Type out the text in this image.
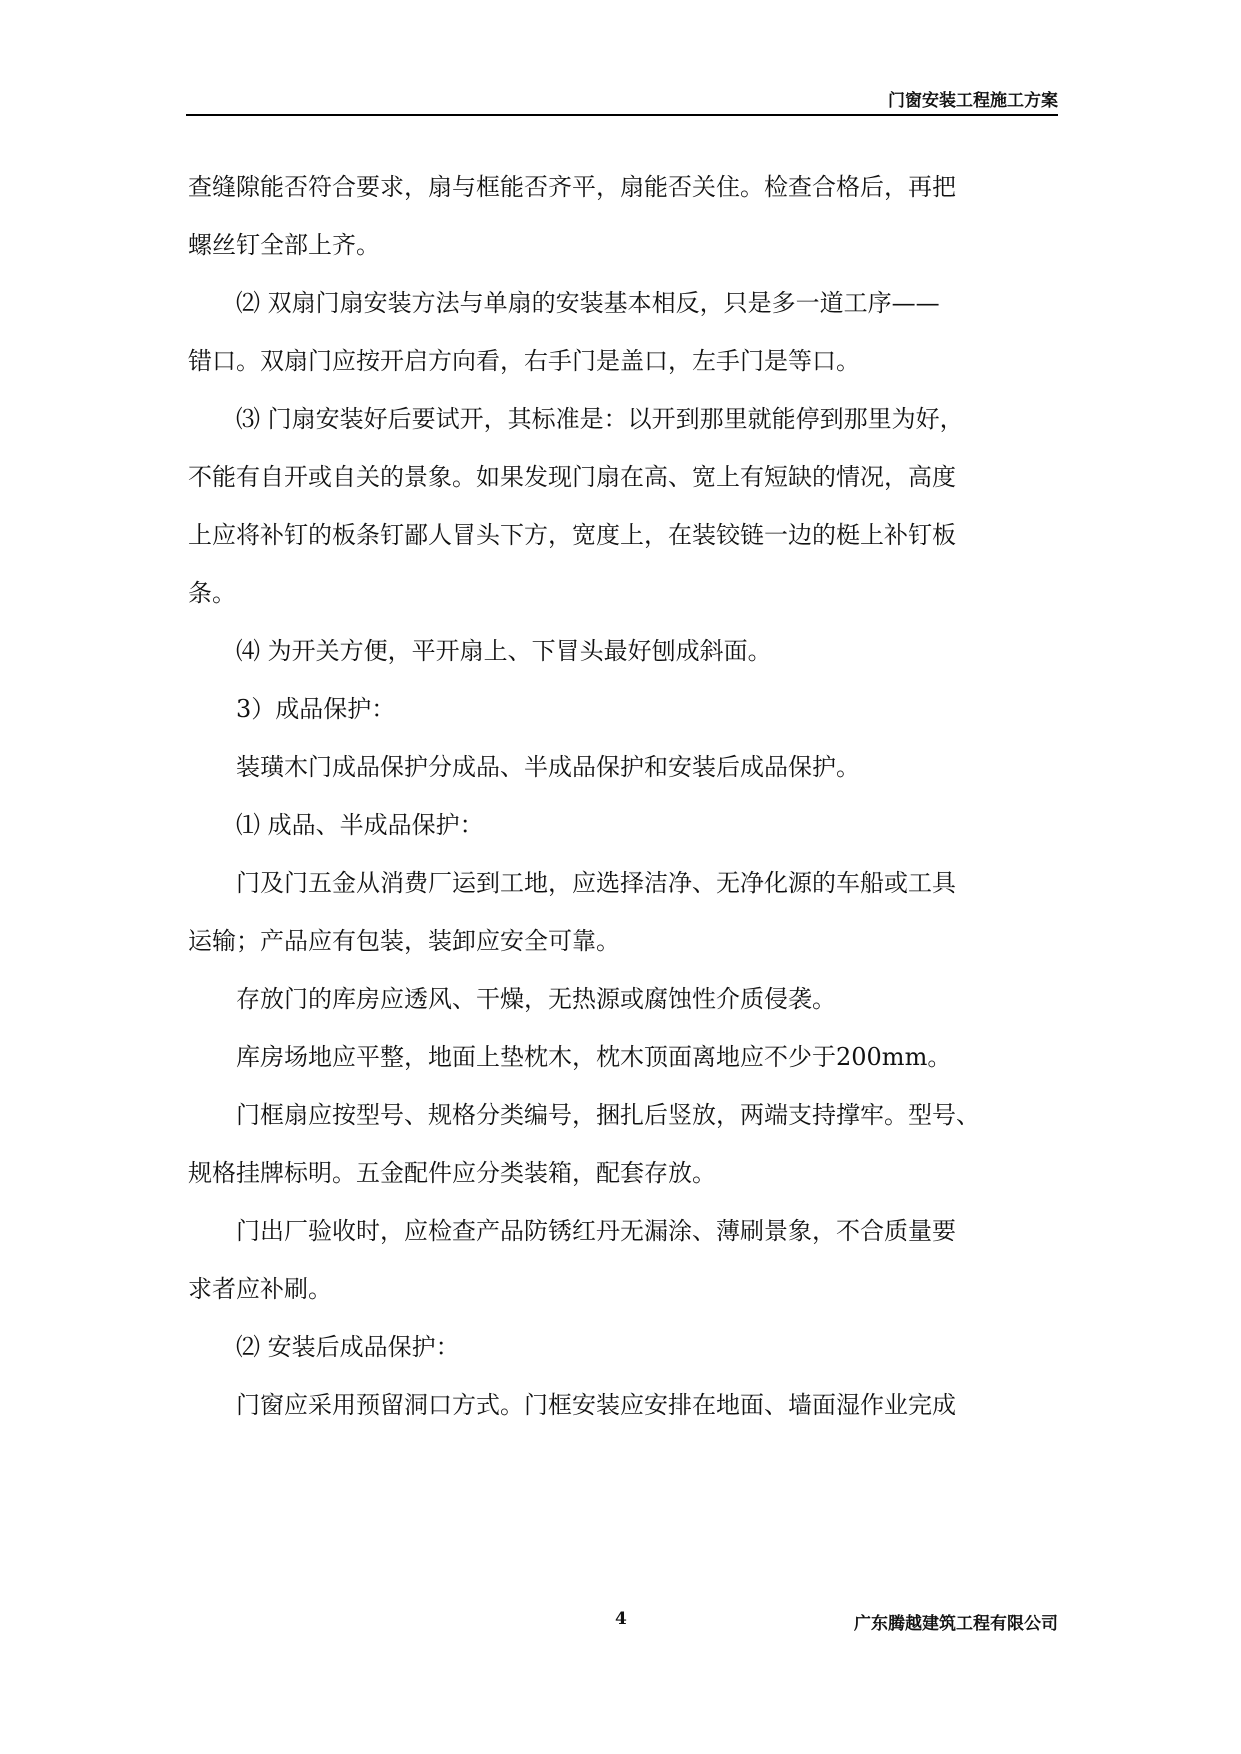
门窗安装工程施工方案

查缝隙能否符合要求，扇与框能否齐平，扇能否关住。检查合格后，再把

螺丝钉全部上齐。

⑵ 双扇门扇安装方法与单扇的安装基本相反，只是多一道工序——

错口。双扇门应按开启方向看，右手门是盖口，左手门是等口。

⑶ 门扇安装好后要试开，其标准是：以开到那里就能停到那里为好，

不能有自开或自关的景象。如果发现门扇在高、宽上有短缺的情况，高度

上应将补钉的板条钉鄙人冒头下方，宽度上，在装铰链一边的梃上补钉板

条。

⑷ 为开关方便，平开扇上、下冒头最好刨成斜面。

3）成品保护：

装璜木门成品保护分成品、半成品保护和安装后成品保护。

⑴ 成品、半成品保护：

门及门五金从消费厂运到工地，应选择洁净、无净化源的车船或工具

运输；产品应有包装，装卸应安全可靠。

存放门的库房应透风、干燥，无热源或腐蚀性介质侵袭。

库房场地应平整，地面上垫枕木，枕木顶面离地应不少于200mm。

门框扇应按型号、规格分类编号，捆扎后竖放，两端支持撑牢。型号、

规格挂牌标明。五金配件应分类装箱，配套存放。

门出厂验收时，应检查产品防锈红丹无漏涂、薄刷景象，不合质量要

求者应补刷。

⑵ 安装后成品保护：

门窗应采用预留洞口方式。门框安装应安排在地面、墙面湿作业完成

4	广东腾越建筑工程有限公司
